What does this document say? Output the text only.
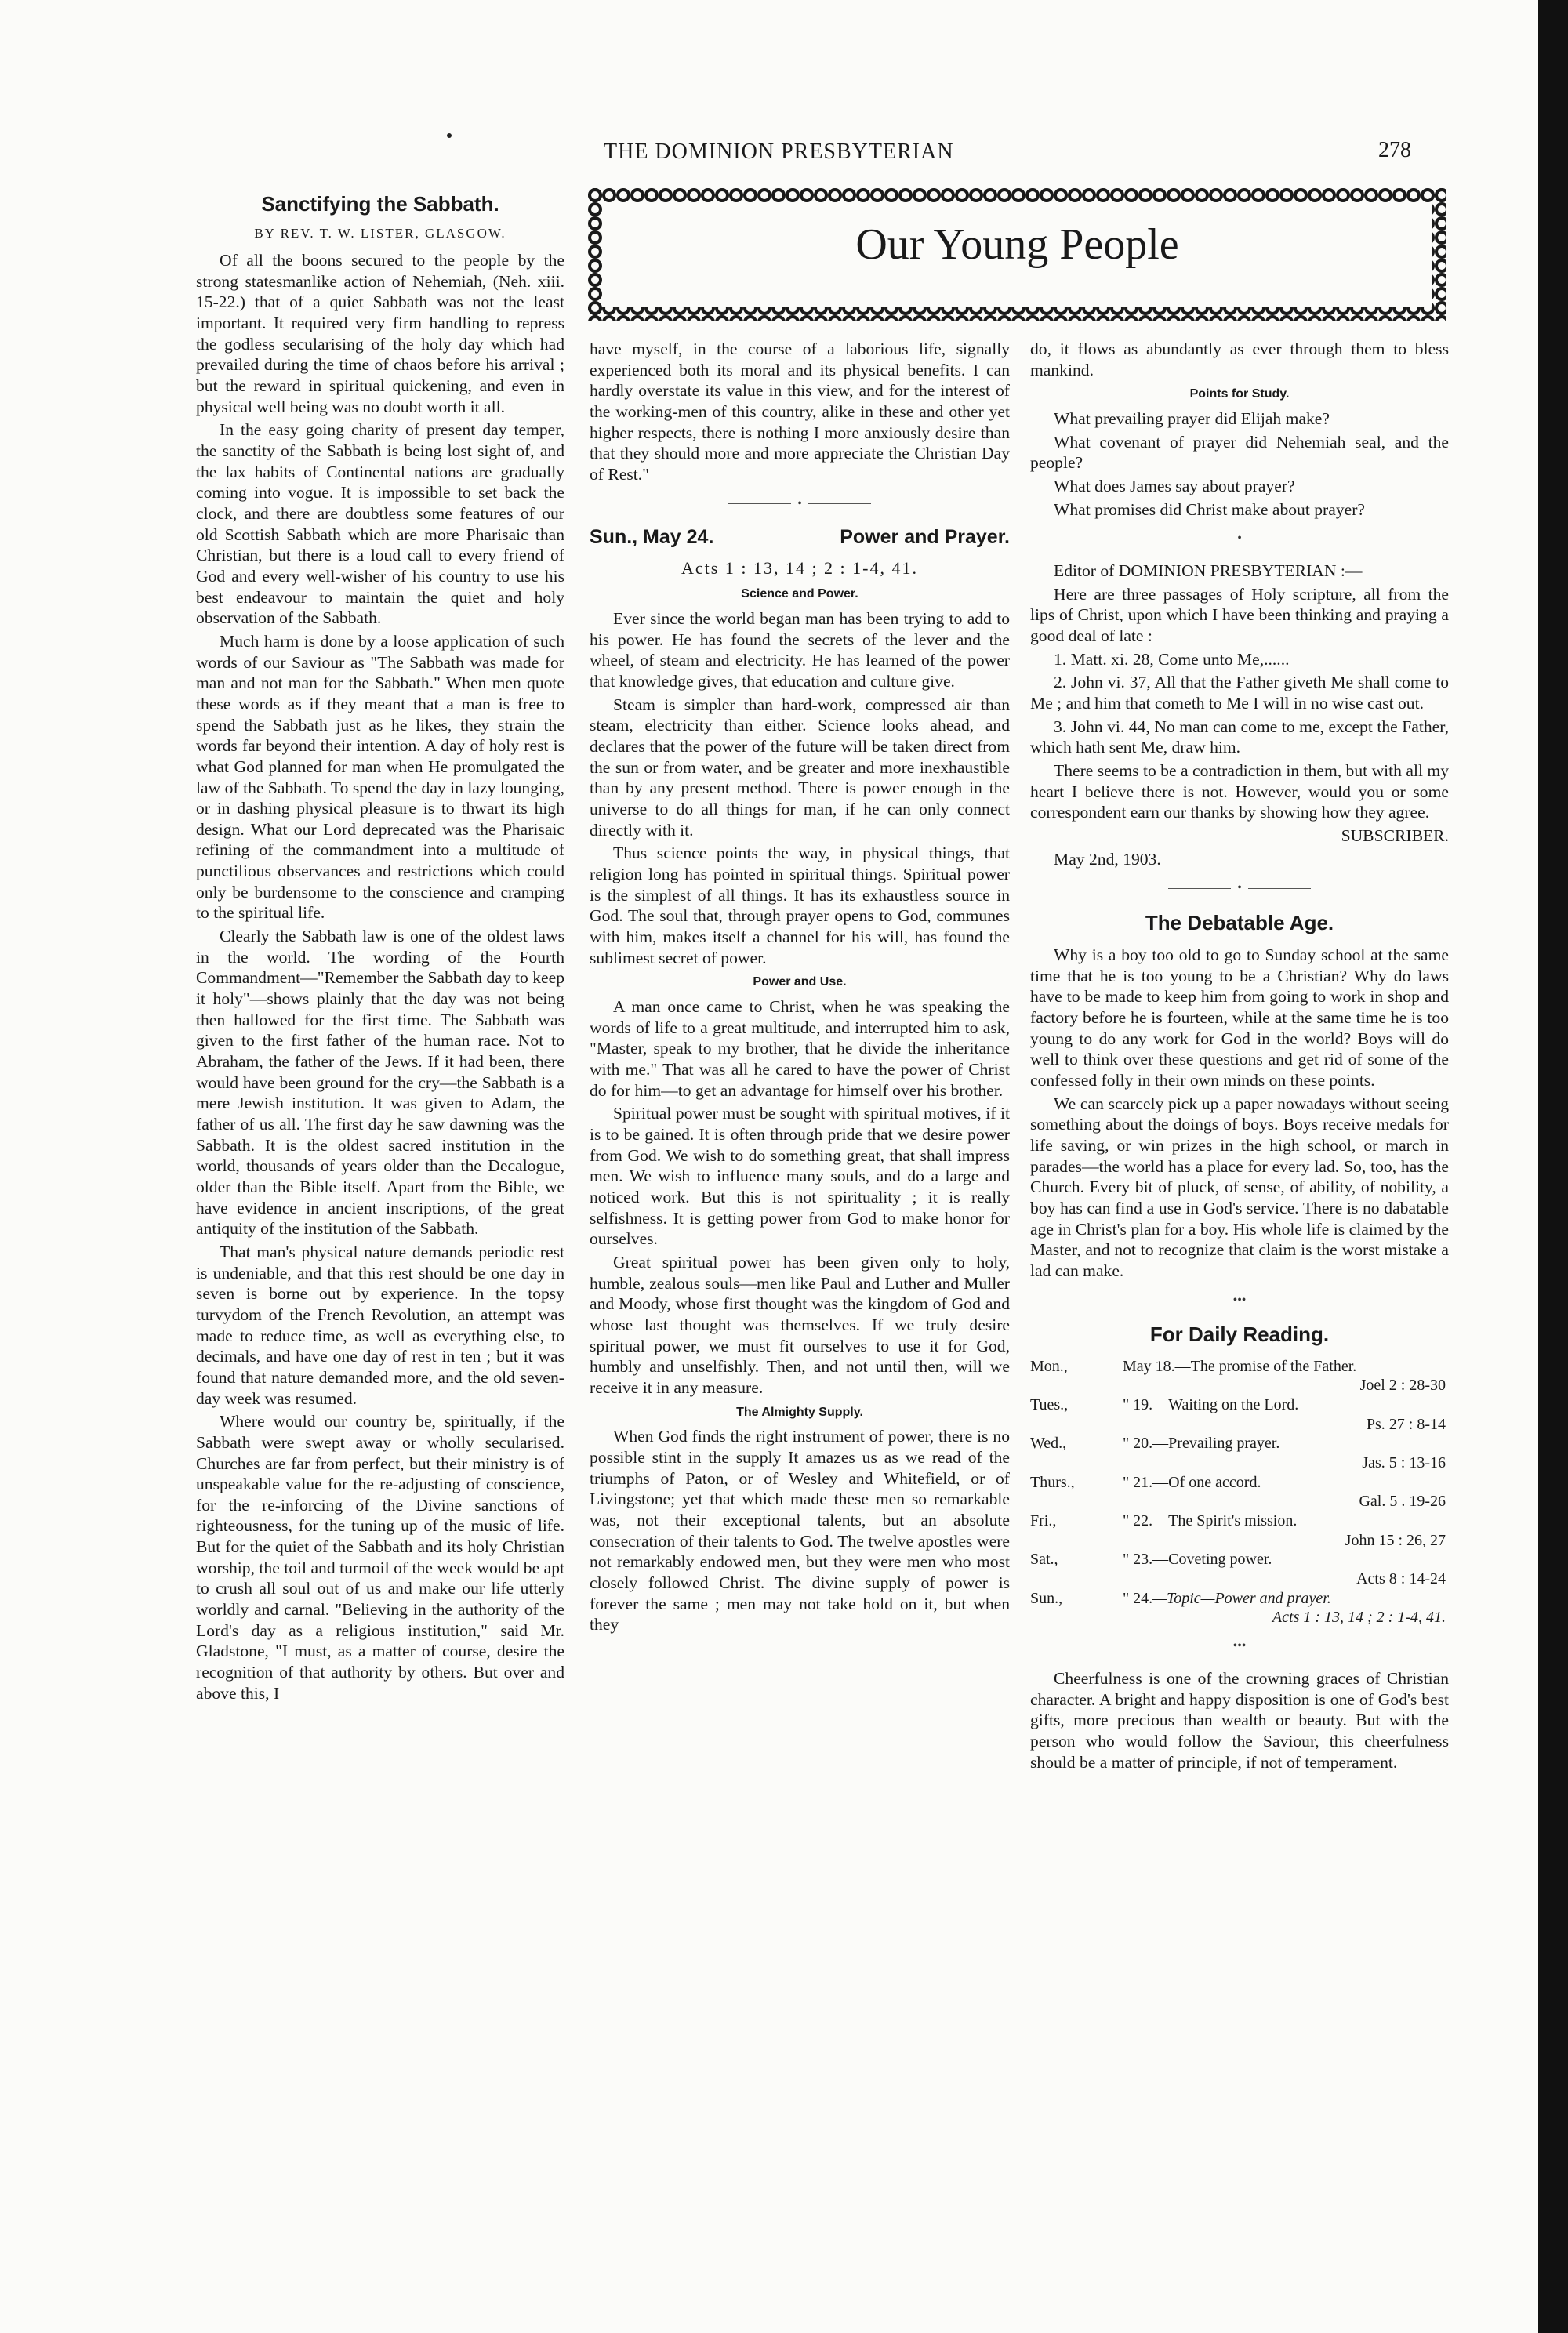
THE DOMINION PRESBYTERIAN	278
Our Young People
Sanctifying the Sabbath.
BY REV. T. W. LISTER, GLASGOW.

Of all the boons secured to the people by the strong statesmanlike action of Nehemiah, (Neh. xiii. 15-22.) that of a quiet Sabbath was not the least important. It required very firm handling to repress the godless secularising of the holy day which had prevailed during the time of chaos before his arrival ; but the reward in spiritual quickening, and even in physical well being was no doubt worth it all.

In the easy going charity of present day temper, the sanctity of the Sabbath is being lost sight of, and the lax habits of Continental nations are gradually coming into vogue. It is impossible to set back the clock, and there are doubtless some features of our old Scottish Sabbath which are more Pharisaic than Christian, but there is a loud call to every friend of God and every well-wisher of his country to use his best endeavour to maintain the quiet and holy observation of the Sabbath.

Much harm is done by a loose application of such words of our Saviour as "The Sabbath was made for man and not man for the Sabbath." When men quote these words as if they meant that a man is free to spend the Sabbath just as he likes, they strain the words far beyond their intention. A day of holy rest is what God planned for man when He promulgated the law of the Sabbath. To spend the day in lazy lounging, or in dashing physical pleasure is to thwart its high design. What our Lord deprecated was the Pharisaic refining of the commandment into a multitude of punctilious observances and restrictions which could only be burdensome to the conscience and cramping to the spiritual life.

Clearly the Sabbath law is one of the oldest laws in the world. The wording of the Fourth Commandment—"Remember the Sabbath day to keep it holy"—shows plainly that the day was not being then hallowed for the first time. The Sabbath was given to the first father of the human race. Not to Abraham, the father of the Jews. If it had been, there would have been ground for the cry—the Sabbath is a mere Jewish institution. It was given to Adam, the father of us all. The first day he saw dawning was the Sabbath. It is the oldest sacred institution in the world, thousands of years older than the Decalogue, older than the Bible itself. Apart from the Bible, we have evidence in ancient inscriptions, of the great antiquity of the institution of the Sabbath.

That man's physical nature demands periodic rest is undeniable, and that this rest should be one day in seven is borne out by experience. In the topsy turvydom of the French Revolution, an attempt was made to reduce time, as well as everything else, to decimals, and have one day of rest in ten ; but it was found that nature demanded more, and the old seven-day week was resumed.

Where would our country be, spiritually, if the Sabbath were swept away or wholly secularised. Churches are far from perfect, but their ministry is of unspeakable value for the re-adjusting of conscience, for the re-inforcing of the Divine sanctions of righteousness, for the tuning up of the music of life. But for the quiet of the Sabbath and its holy Christian worship, the toil and turmoil of the week would be apt to crush all soul out of us and make our life utterly worldly and carnal. "Believing in the authority of the Lord's day as a religious institution," said Mr. Gladstone, "I must, as a matter of course, desire the recognition of that authority by others. But over and above this, I

have myself, in the course of a laborious life, signally experienced both its moral and its physical benefits. I can hardly overstate its value in this view, and for the interest of the working-men of this country, alike in these and other yet higher respects, there is nothing I more anxiously desire than that they should more and more appreciate the Christian Day of Rest."

•
Sun., May 24.	Power and Prayer.
Acts 1 : 13, 14 ; 2 : 1-4, 41.
Science and Power.

Ever since the world began man has been trying to add to his power. He has found the secrets of the lever and the wheel, of steam and electricity. He has learned of the power that knowledge gives, that education and culture give.

Steam is simpler than hard-work, compressed air than steam, electricity than either. Science looks ahead, and declares that the power of the future will be taken direct from the sun or from water, and be greater and more inexhaustible than by any present method. There is power enough in the universe to do all things for man, if he can only connect directly with it.

Thus science points the way, in physical things, that religion long has pointed in spiritual things. Spiritual power is the simplest of all things. It has its exhaustless source in God. The soul that, through prayer opens to God, communes with him, makes itself a channel for his will, has found the sublimest secret of power.

Power and Use.

A man once came to Christ, when he was speaking the words of life to a great multitude, and interrupted him to ask, "Master, speak to my brother, that he divide the inheritance with me." That was all he cared to have the power of Christ do for him—to get an advantage for himself over his brother.

Spiritual power must be sought with spiritual motives, if it is to be gained. It is often through pride that we desire power from God. We wish to do something great, that shall impress men. We wish to influence many souls, and do a large and noticed work. But this is not spirituality ; it is really selfishness. It is getting power from God to make honor for ourselves.

Great spiritual power has been given only to holy, humble, zealous souls—men like Paul and Luther and Muller and Moody, whose first thought was the kingdom of God and whose last thought was themselves. If we truly desire spiritual power, we must fit ourselves to use it for God, humbly and unselfishly. Then, and not until then, will we receive it in any measure.

The Almighty Supply.

When God finds the right instrument of power, there is no possible stint in the supply It amazes us as we read of the triumphs of Paton, or of Wesley and Whitefield, or of Livingstone; yet that which made these men so remarkable was, not their exceptional talents, but an absolute consecration of their talents to God. The twelve apostles were not remarkably endowed men, but they were men who most closely followed Christ. The divine supply of power is forever the same ; men may not take hold on it, but when they

do, it flows as abundantly as ever through them to bless mankind.

Points for Study.

What prevailing prayer did Elijah make?

What covenant of prayer did Nehemiah seal, and the people?

What does James say about prayer?

What promises did Christ make about prayer?

•

Editor of DOMINION PRESBYTERIAN :—

Here are three passages of Holy scripture, all from the lips of Christ, upon which I have been thinking and praying a good deal of late :

1. Matt. xi. 28, Come unto Me,......

2. John vi. 37, All that the Father giveth Me shall come to Me ; and him that cometh to Me I will in no wise cast out.

3. John vi. 44, No man can come to me, except the Father, which hath sent Me, draw him.

There seems to be a contradiction in them, but with all my heart I believe there is not. However, would you or some correspondent earn our thanks by showing how they agree.

SUBSCRIBER.

May 2nd, 1903.

•
The Debatable Age.

Why is a boy too old to go to Sunday school at the same time that he is too young to be a Christian? Why do laws have to be made to keep him from going to work in shop and factory before he is fourteen, while at the same time he is too young to do any work for God in the world? Boys will do well to think over these questions and get rid of some of the confessed folly in their own minds on these points.

We can scarcely pick up a paper nowadays without seeing something about the doings of boys. Boys receive medals for life saving, or win prizes in the high school, or march in parades—the world has a place for every lad. So, too, has the Church. Every bit of pluck, of sense, of ability, of nobility, a boy has can find a use in God's service. There is no dabatable age in Christ's plan for a boy. His whole life is claimed by the Master, and not to recognize that claim is the worst mistake a lad can make.

•••
For Daily Reading.
Mon.,	May 18.—The promise of the Father.
Joel 2 : 28-30
Tues.,	" 19.—Waiting on the Lord.
Ps. 27 : 8-14
Wed.,	" 20.—Prevailing prayer.
Jas. 5 : 13-16
Thurs.,	" 21.—Of one accord.
Gal. 5 . 19-26
Fri.,	" 22.—The Spirit's mission.
John 15 : 26, 27
Sat.,	" 23.—Coveting power.
Acts 8 : 14-24
Sun.,	" 24.—Topic—Power and prayer.
Acts 1 : 13, 14 ; 2 : 1-4, 41.
•••

Cheerfulness is one of the crowning graces of Christian character. A bright and happy disposition is one of God's best gifts, more precious than wealth or beauty. But with the person who would follow the Saviour, this cheerfulness should be a matter of principle, if not of temperament.
